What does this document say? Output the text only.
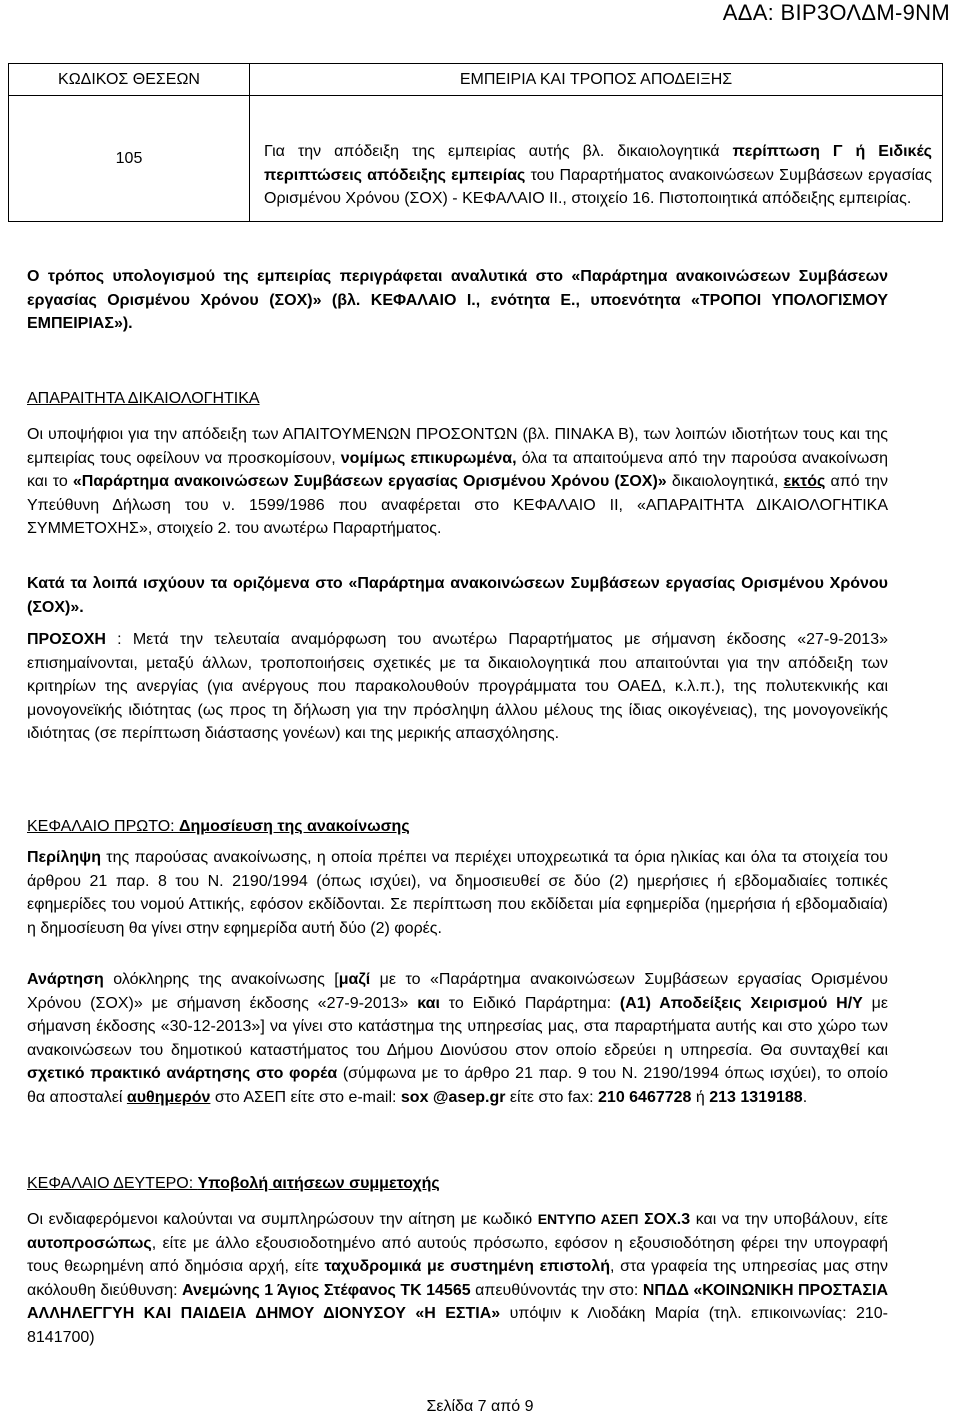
ΑΔΑ: ΒΙΡ3ΟΛΔΜ-9ΝΜ
ΚΩΔΙΚΟΣ ΘΕΣΕΩΝ	ΕΜΠΕΙΡΙΑ ΚΑΙ ΤΡΟΠΟΣ ΑΠΟΔΕΙΞΗΣ
105	Για την απόδειξη της εμπειρίας αυτής βλ. δικαιολογητικά περίπτωση Γ ή Ειδικές περιπτώσεις απόδειξης εμπειρίας του Παραρτήματος ανακοινώσεων Συμβάσεων εργασίας Ορισμένου Χρόνου (ΣΟΧ) - ΚΕΦΑΛΑΙΟ ΙΙ., στοιχείο 16. Πιστοποιητικά απόδειξης εμπειρίας.
Ο τρόπος υπολογισμού της εμπειρίας περιγράφεται αναλυτικά στο «Παράρτημα ανακοινώσεων Συμβάσεων εργασίας Ορισμένου Χρόνου (ΣΟΧ)» (βλ. ΚΕΦΑΛΑΙΟ Ι., ενότητα Ε., υποενότητα «ΤΡΟΠΟΙ ΥΠΟΛΟΓΙΣΜΟΥ ΕΜΠΕΙΡΙΑΣ»).
ΑΠΑΡΑΙΤΗΤΑ ΔΙΚΑΙΟΛΟΓΗΤΙΚΑ
Οι υποψήφιοι για την απόδειξη των ΑΠΑΙΤΟΥΜΕΝΩΝ ΠΡΟΣΟΝΤΩΝ (βλ. ΠΙΝΑΚΑ Β), των λοιπών ιδιοτήτων τους και της εμπειρίας τους οφείλουν να προσκομίσουν, νομίμως επικυρωμένα, όλα τα απαιτούμενα από την παρούσα ανακοίνωση και το «Παράρτημα ανακοινώσεων Συμβάσεων εργασίας Ορισμένου Χρόνου (ΣΟΧ)» δικαιολογητικά, εκτός από την Υπεύθυνη Δήλωση του ν. 1599/1986 που αναφέρεται στο ΚΕΦΑΛΑΙΟ ΙΙ, «ΑΠΑΡΑΙΤΗΤΑ ΔΙΚΑΙΟΛΟΓΗΤΙΚΑ ΣΥΜΜΕΤΟΧΗΣ», στοιχείο 2. του ανωτέρω Παραρτήματος.
Κατά τα λοιπά ισχύουν τα οριζόμενα στο «Παράρτημα ανακοινώσεων Συμβάσεων εργασίας Ορισμένου Χρόνου (ΣΟΧ)».
ΠΡΟΣΟΧΗ : Μετά την τελευταία αναμόρφωση του ανωτέρω Παραρτήματος με σήμανση έκδοσης «27-9-2013» επισημαίνονται, μεταξύ άλλων, τροποποιήσεις σχετικές με τα δικαιολογητικά που απαιτούνται για την απόδειξη των κριτηρίων της ανεργίας (για ανέργους που παρακολουθούν προγράμματα του ΟΑΕΔ, κ.λ.π.), της πολυτεκνικής και μονογονεϊκής ιδιότητας (ως προς τη δήλωση για την πρόσληψη άλλου μέλους της ίδιας οικογένειας), της μονογονεϊκής ιδιότητας (σε περίπτωση διάστασης γονέων) και της μερικής απασχόλησης.
ΚΕΦΑΛΑΙΟ ΠΡΩΤΟ: Δημοσίευση της ανακοίνωσης
Περίληψη της παρούσας ανακοίνωσης, η οποία πρέπει να περιέχει υποχρεωτικά τα όρια ηλικίας και όλα τα στοιχεία του άρθρου 21 παρ. 8 του Ν. 2190/1994 (όπως ισχύει), να δημοσιευθεί σε δύο (2) ημερήσιες ή εβδομαδιαίες τοπικές εφημερίδες του νομού Αττικής, εφόσον εκδίδονται. Σε περίπτωση που εκδίδεται μία εφημερίδα (ημερήσια ή εβδομαδιαία) η δημοσίευση θα γίνει στην εφημερίδα αυτή δύο (2) φορές.
Ανάρτηση ολόκληρης της ανακοίνωσης [μαζί με το «Παράρτημα ανακοινώσεων Συμβάσεων εργασίας Ορισμένου Χρόνου (ΣΟΧ)» με σήμανση έκδοσης «27-9-2013» και το Ειδικό Παράρτημα: (Α1) Αποδείξεις Χειρισμού Η/Υ με σήμανση έκδοσης «30-12-2013»] να γίνει στο κατάστημα της υπηρεσίας μας, στα παραρτήματα αυτής και στο χώρο των ανακοινώσεων του δημοτικού καταστήματος του Δήμου Διονύσου στον οποίο εδρεύει η υπηρεσία. Θα συνταχθεί και σχετικό πρακτικό ανάρτησης στο φορέα (σύμφωνα με το άρθρο 21 παρ. 9 του Ν. 2190/1994 όπως ισχύει), το οποίο θα αποσταλεί αυθημερόν στο ΑΣΕΠ είτε στο e-mail: sox @asep.gr είτε στο fax: 210 6467728 ή 213 1319188.
ΚΕΦΑΛΑΙΟ ΔΕΥΤΕΡΟ: Υποβολή αιτήσεων συμμετοχής
Οι ενδιαφερόμενοι καλούνται να συμπληρώσουν την αίτηση με κωδικό ΕΝΤΥΠΟ ΑΣΕΠ ΣΟΧ.3 και να την υποβάλουν, είτε αυτοπροσώπως, είτε με άλλο εξουσιοδοτημένο από αυτούς πρόσωπο, εφόσον η εξουσιοδότηση φέρει την υπογραφή τους θεωρημένη από δημόσια αρχή, είτε ταχυδρομικά με συστημένη επιστολή, στα γραφεία της υπηρεσίας μας στην ακόλουθη διεύθυνση: Ανεμώνης 1 Άγιος Στέφανος ΤΚ 14565 απευθύνοντάς την στο: ΝΠΔΔ «ΚΟΙΝΩΝΙΚΗ ΠΡΟΣΤΑΣΙΑ ΑΛΛΗΛΕΓΓΥΗ ΚΑΙ ΠΑΙΔΕΙΑ ΔΗΜΟΥ ΔΙΟΝΥΣΟΥ «Η ΕΣΤΙΑ» υπόψιν κ Λιοδάκη Μαρία (τηλ. επικοινωνίας: 210-8141700)
Σελίδα 7 από 9
